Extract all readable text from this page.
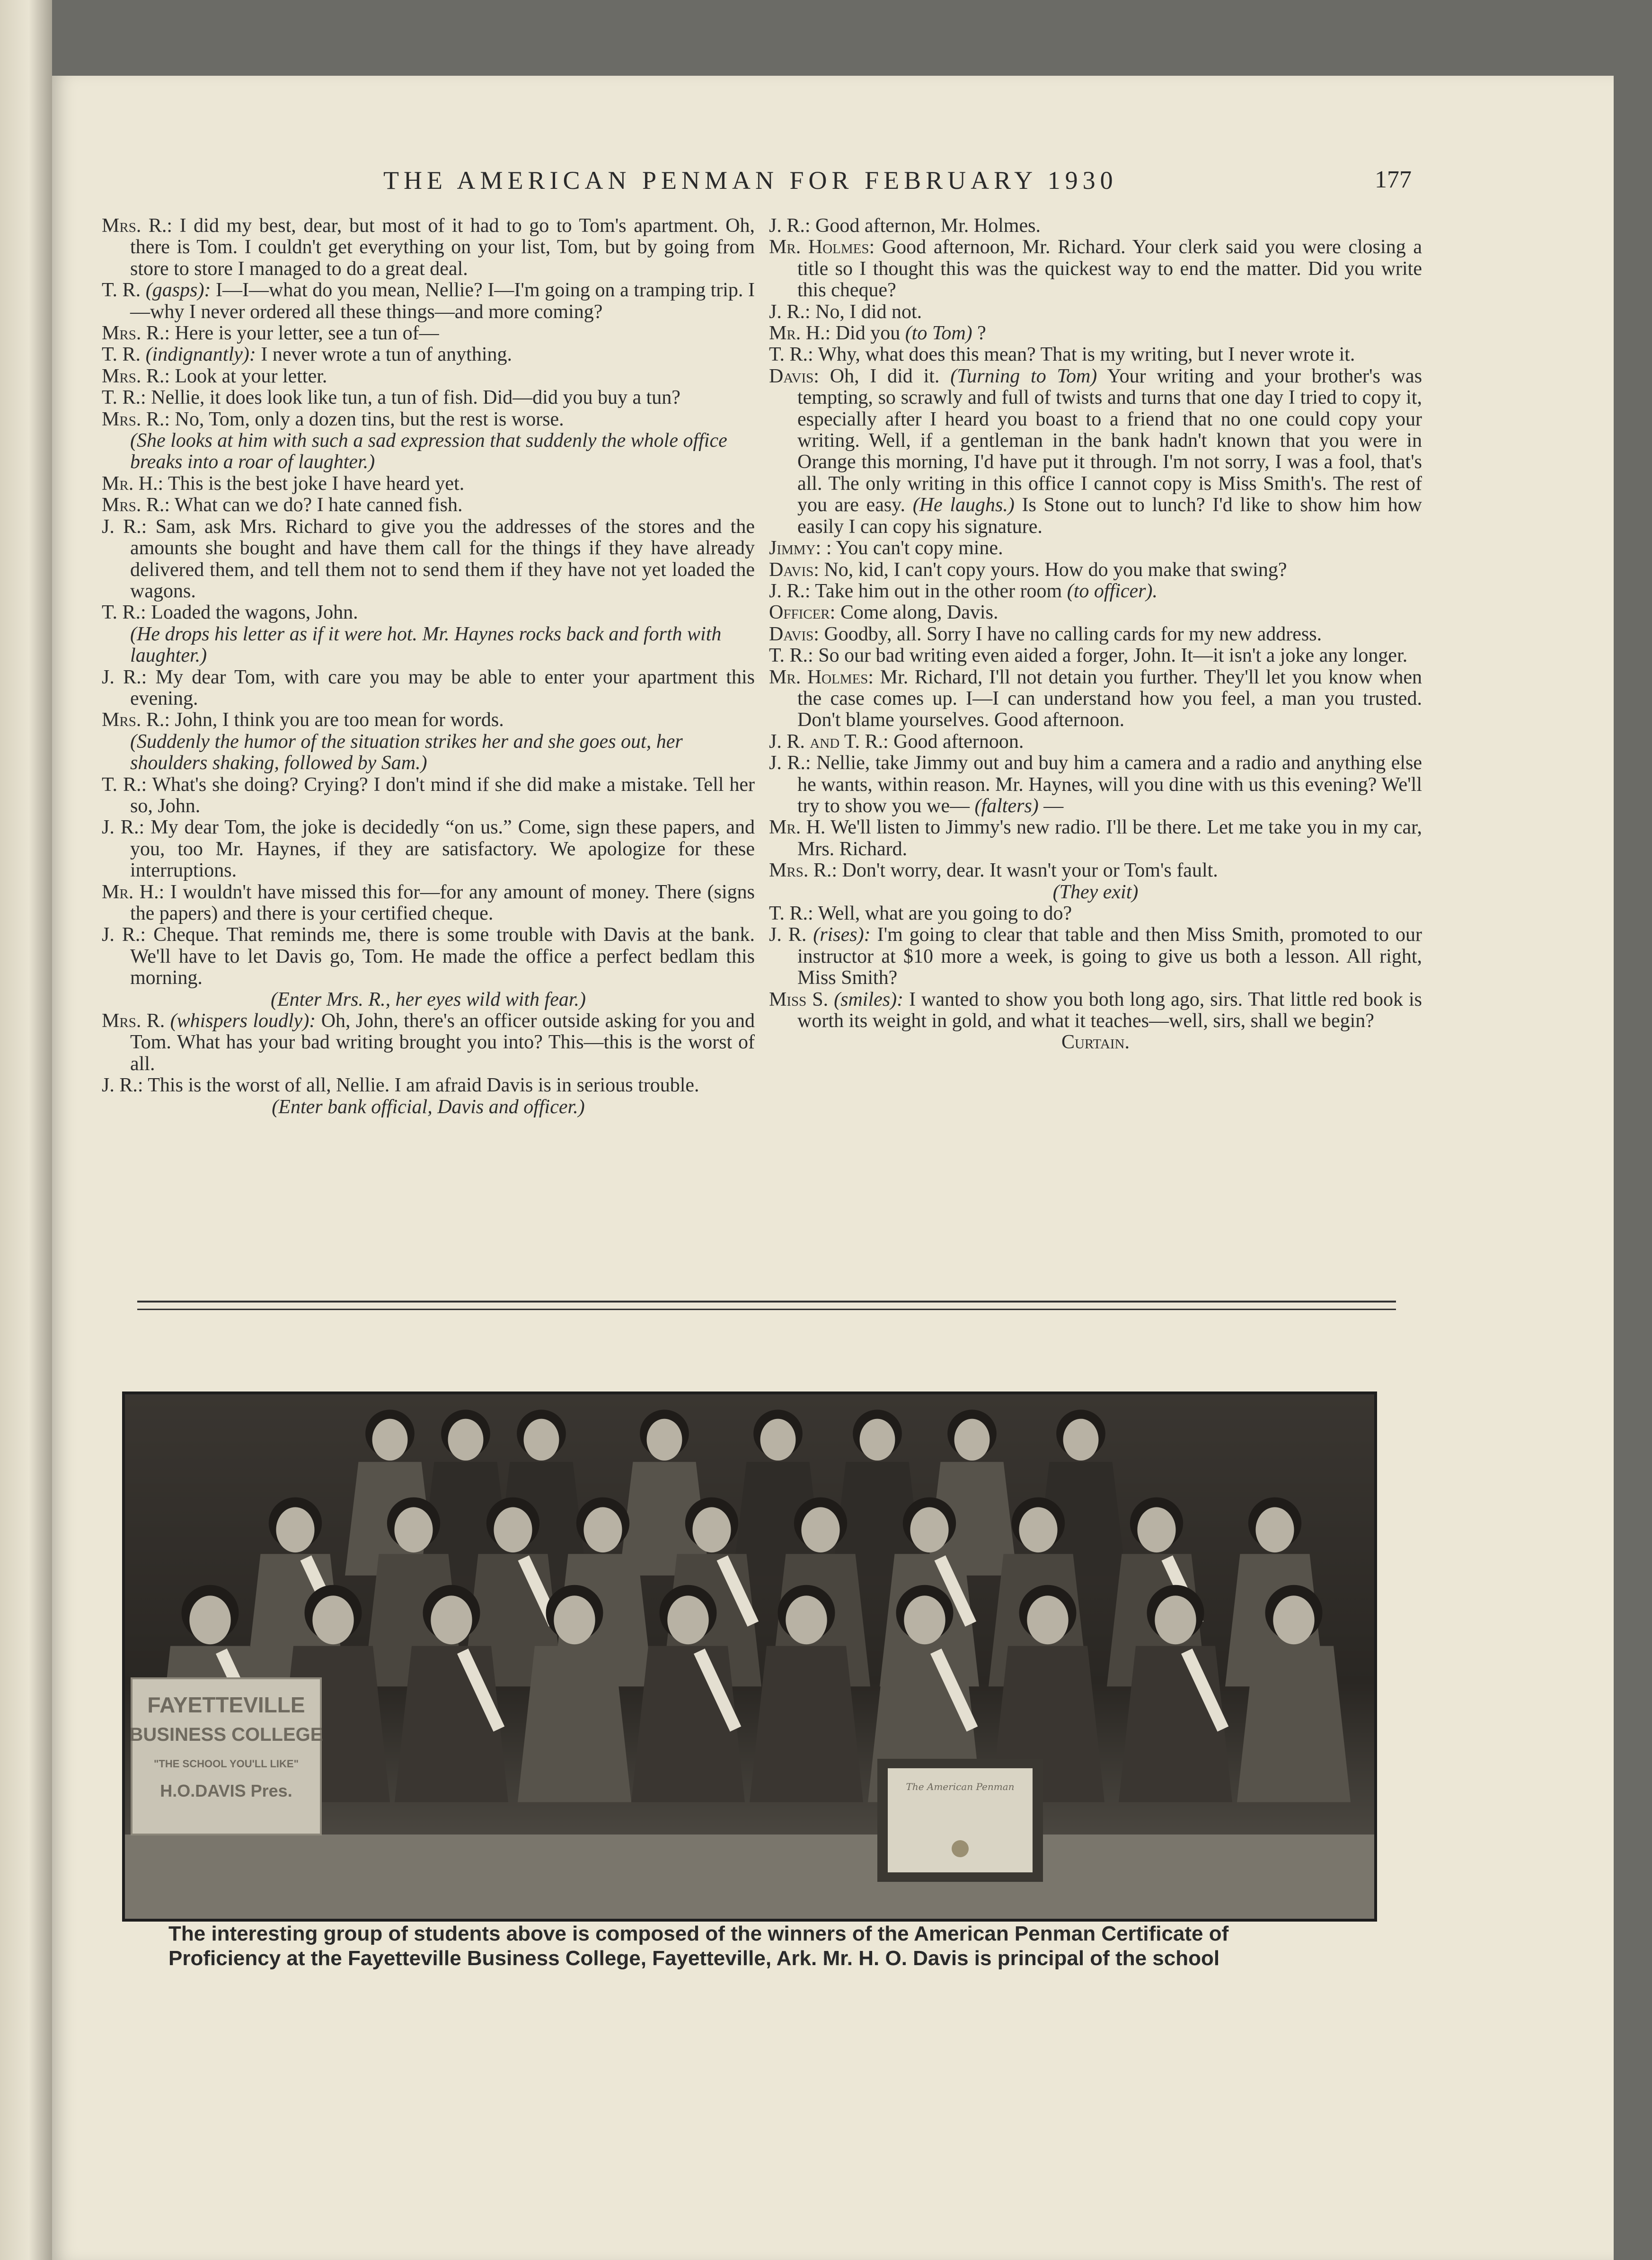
THE AMERICAN PENMAN FOR FEBRUARY 1930	177
Mrs. R.: I did my best, dear, but most of it had to go to Tom's apartment. Oh, there is Tom. I couldn't get everything on your list, Tom, but by going from store to store I managed to do a great deal.
T. R. (gasps): I—I—what do you mean, Nellie? I—I'm going on a tramping trip. I—why I never ordered all these things—and more coming?
Mrs. R.: Here is your letter, see a tun of—
T. R. (indignantly): I never wrote a tun of anything.
Mrs. R.: Look at your letter.
T. R.: Nellie, it does look like tun, a tun of fish. Did—did you buy a tun?
Mrs. R.: No, Tom, only a dozen tins, but the rest is worse.
(She looks at him with such a sad expression that suddenly the whole office breaks into a roar of laughter.)
Mr. H.: This is the best joke I have heard yet.
Mrs. R.: What can we do? I hate canned fish.
J. R.: Sam, ask Mrs. Richard to give you the addresses of the stores and the amounts she bought and have them call for the things if they have already delivered them, and tell them not to send them if they have not yet loaded the wagons.
T. R.: Loaded the wagons, John.
(He drops his letter as if it were hot. Mr. Haynes rocks back and forth with laughter.)
J. R.: My dear Tom, with care you may be able to enter your apartment this evening.
Mrs. R.: John, I think you are too mean for words.
(Suddenly the humor of the situation strikes her and she goes out, her shoulders shaking, followed by Sam.)
T. R.: What's she doing? Crying? I don't mind if she did make a mistake. Tell her so, John.
J. R.: My dear Tom, the joke is decidedly “on us.” Come, sign these papers, and you, too Mr. Haynes, if they are satisfactory. We apologize for these interruptions.
Mr. H.: I wouldn't have missed this for—for any amount of money. There (signs the papers) and there is your certified cheque.
J. R.: Cheque. That reminds me, there is some trouble with Davis at the bank. We'll have to let Davis go, Tom. He made the office a perfect bedlam this morning.
(Enter Mrs. R., her eyes wild with fear.)
Mrs. R. (whispers loudly): Oh, John, there's an officer outside asking for you and Tom. What has your bad writing brought you into? This—this is the worst of all.
J. R.: This is the worst of all, Nellie. I am afraid Davis is in serious trouble.
(Enter bank official, Davis and officer.)
J. R.: Good afternon, Mr. Holmes.
Mr. Holmes: Good afternoon, Mr. Richard. Your clerk said you were closing a title so I thought this was the quickest way to end the matter. Did you write this cheque?
J. R.: No, I did not.
Mr. H.: Did you (to Tom) ?
T. R.: Why, what does this mean? That is my writing, but I never wrote it.
Davis: Oh, I did it. (Turning to Tom) Your writing and your brother's was tempting, so scrawly and full of twists and turns that one day I tried to copy it, especially after I heard you boast to a friend that no one could copy your writing. Well, if a gentleman in the bank hadn't known that you were in Orange this morning, I'd have put it through. I'm not sorry, I was a fool, that's all. The only writing in this office I cannot copy is Miss Smith's. The rest of you are easy. (He laughs.) Is Stone out to lunch? I'd like to show him how easily I can copy his signature.
Jimmy: : You can't copy mine.
Davis: No, kid, I can't copy yours. How do you make that swing?
J. R.: Take him out in the other room (to officer).
Officer: Come along, Davis.
Davis: Goodby, all. Sorry I have no calling cards for my new address.
T. R.: So our bad writing even aided a forger, John. It—it isn't a joke any longer.
Mr. Holmes: Mr. Richard, I'll not detain you further. They'll let you know when the case comes up. I—I can understand how you feel, a man you trusted. Don't blame yourselves. Good afternoon.
J. R. and T. R.: Good afternoon.
J. R.: Nellie, take Jimmy out and buy him a camera and a radio and anything else he wants, within reason. Mr. Haynes, will you dine with us this evening? We'll try to show you we— (falters) —
Mr. H. We'll listen to Jimmy's new radio. I'll be there. Let me take you in my car, Mrs. Richard.
Mrs. R.: Don't worry, dear. It wasn't your or Tom's fault.
(They exit)
T. R.: Well, what are you going to do?
J. R. (rises): I'm going to clear that table and then Miss Smith, promoted to our instructor at $10 more a week, is going to give us both a lesson. All right, Miss Smith?
Miss S. (smiles): I wanted to show you both long ago, sirs. That little red book is worth its weight in gold, and what it teaches—well, sirs, shall we begin?
Curtain.
FAYETTEVILLE
BUSINESS COLLEGE
"THE SCHOOL YOU'LL LIKE"
H.O.DAVIS Pres.	The American Penman
The interesting group of students above is composed of the winners of the American Penman Certificate of Proficiency at the Fayetteville Business College, Fayetteville, Ark. Mr. H. O. Davis is principal of the school
